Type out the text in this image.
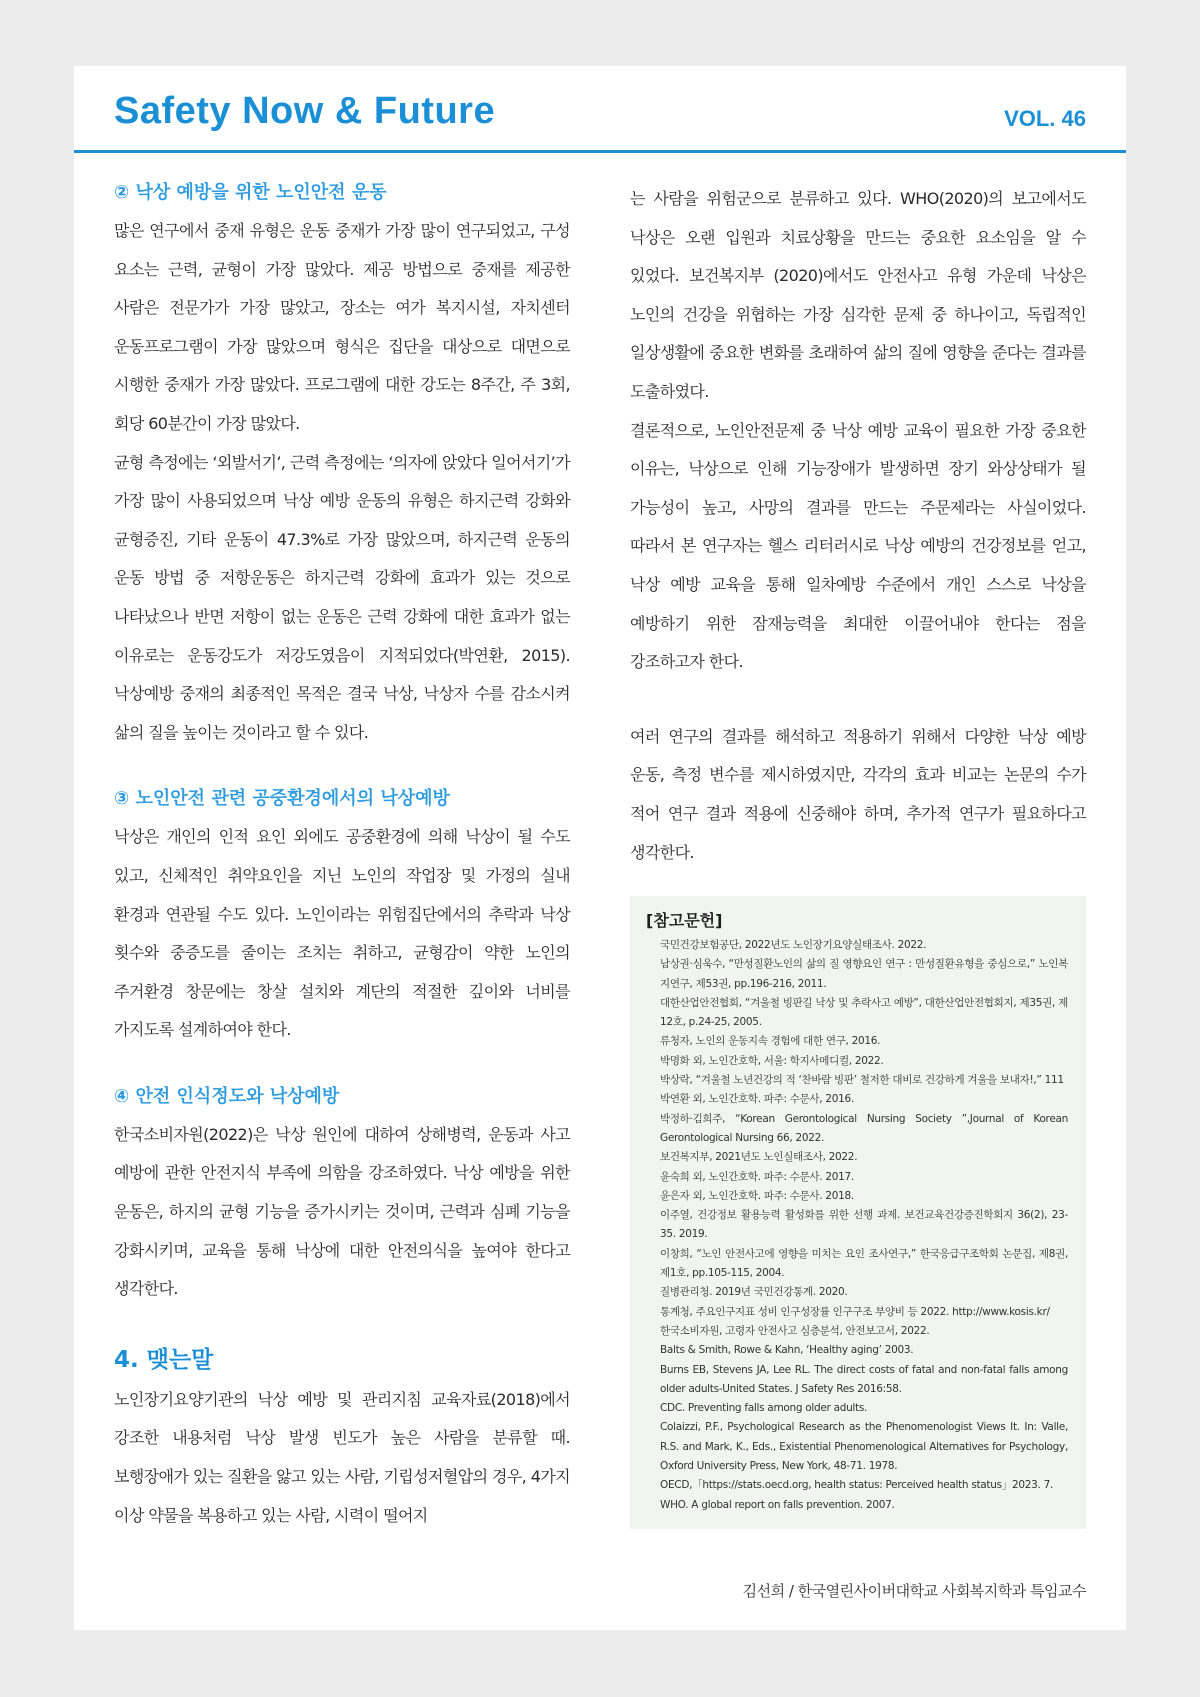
Safety Now & Future	VOL. 46
② 낙상 예방을 위한 노인안전 운동

많은 연구에서 중재 유형은 운동 중재가 가장 많이 연구되었고, 구성 요소는 근력, 균형이 가장 많았다. 제공 방법으로 중재를 제공한 사람은 전문가가 가장 많았고, 장소는 여가 복지시설, 자치센터 운동프로그램이 가장 많았으며 형식은 집단을 대상으로 대면으로 시행한 중재가 가장 많았다. 프로그램에 대한 강도는 8주간, 주 3회, 회당 60분간이 가장 많았다.

균형 측정에는 ‘외발서기’, 근력 측정에는 ‘의자에 앉았다 일어서기’가 가장 많이 사용되었으며 낙상 예방 운동의 유형은 하지근력 강화와 균형증진, 기타 운동이 47.3%로 가장 많았으며, 하지근력 운동의 운동 방법 중 저항운동은 하지근력 강화에 효과가 있는 것으로 나타났으나 반면 저항이 없는 운동은 근력 강화에 대한 효과가 없는 이유로는 운동강도가 저강도였음이 지적되었다(박연환, 2015). 낙상예방 중재의 최종적인 목적은 결국 낙상, 낙상자 수를 감소시켜 삶의 질을 높이는 것이라고 할 수 있다.

③ 노인안전 관련 공중환경에서의 낙상예방

낙상은 개인의 인적 요인 외에도 공중환경에 의해 낙상이 될 수도 있고, 신체적인 취약요인을 지닌 노인의 작업장 및 가정의 실내 환경과 연관될 수도 있다. 노인이라는 위험집단에서의 추락과 낙상 횟수와 중증도를 줄이는 조치는 취하고, 균형감이 약한 노인의 주거환경 창문에는 창살 설치와 계단의 적절한 깊이와 너비를 가지도록 설계하여야 한다.

④ 안전 인식정도와 낙상예방

한국소비자원(2022)은 낙상 원인에 대하여 상해병력, 운동과 사고 예방에 관한 안전지식 부족에 의함을 강조하였다. 낙상 예방을 위한 운동은, 하지의 균형 기능을 증가시키는 것이며, 근력과 심폐 기능을 강화시키며, 교육을 통해 낙상에 대한 안전의식을 높여야 한다고 생각한다.

4. 맺는말

노인장기요양기관의 낙상 예방 및 관리지침 교육자료(2018)에서 강조한 내용처럼 낙상 발생 빈도가 높은 사람을 분류할 때. 보행장애가 있는 질환을 앓고 있는 사람, 기립성저혈압의 경우, 4가지 이상 약물을 복용하고 있는 사람, 시력이 떨어지

는 사람을 위험군으로 분류하고 있다. WHO(2020)의 보고에서도 낙상은 오랜 입원과 치료상황을 만드는 중요한 요소임을 알 수 있었다. 보건복지부 (2020)에서도 안전사고 유형 가운데 낙상은 노인의 건강을 위협하는 가장 심각한 문제 중 하나이고, 독립적인 일상생활에 중요한 변화를 초래하여 삶의 질에 영향을 준다는 결과를 도출하였다.

결론적으로, 노인안전문제 중 낙상 예방 교육이 필요한 가장 중요한 이유는, 낙상으로 인해 기능장애가 발생하면 장기 와상상태가 될 가능성이 높고, 사망의 결과를 만드는 주문제라는 사실이었다. 따라서 본 연구자는 헬스 리터러시로 낙상 예방의 건강정보를 얻고, 낙상 예방 교육을 통해 일차예방 수준에서 개인 스스로 낙상을 예방하기 위한 잠재능력을 최대한 이끌어내야 한다는 점을 강조하고자 한다.

여러 연구의 결과를 해석하고 적용하기 위해서 다양한 낙상 예방 운동, 측정 변수를 제시하였지만, 각각의 효과 비교는 논문의 수가 적어 연구 결과 적용에 신중해야 하며, 추가적 연구가 필요하다고 생각한다.

[참고문헌]
국민건강보험공단, 2022년도 노인장기요양실태조사. 2022.
남상권·심욱수, “만성질환노인의 삶의 질 영향요인 연구 : 만성질환유형을 중심으로,” 노인복지연구, 제53권, pp.196-216, 2011.
대한산업안전협회, “겨울철 빙판길 낙상 및 추락사고 예방”, 대한산업안전협회지, 제35권, 제12호, p.24-25, 2005.
류청자, 노인의 운동지속 경험에 대한 연구, 2016.
박명화 외, 노인간호학, 서울: 학지사메디컬, 2022.
박상락, “겨울철 노년건강의 적 ‘찬바람 빙판’ 철저한 대비로 건강하게 겨울을 보내자!,” 111
박연환 외, 노인간호학. 파주: 수문사, 2016.
박정하·김희주, “Korean Gerontological Nursing Society ”,Journal of Korean Gerontological Nursing 66, 2022.
보건복지부, 2021년도 노인실태조사, 2022.
윤숙희 외, 노인간호학. 파주: 수문사. 2017.
윤은자 외, 노인간호학. 파주: 수문사. 2018.
이주열, 건강정보 활용능력 활성화를 위한 선행 과제. 보건교육건강증진학회지 36(2), 23-35. 2019.
이창희, “노인 안전사고에 영향을 미치는 요인 조사연구,” 한국응급구조학회 논문집, 제8권, 제1호, pp.105-115, 2004.
질병관리청. 2019년 국민건강통계. 2020.
통계청, 주요인구지표 성비 인구성장률 인구구조 부양비 등 2022. http://www.kosis.kr/
한국소비자원, 고령자 안전사고 심층분석, 안전보고서, 2022.
Balts & Smith, Rowe & Kahn, ‘Healthy aging’ 2003.
Burns EB, Stevens JA, Lee RL. The direct costs of fatal and non-fatal falls among older adults-United States. J Safety Res 2016:58.
CDC. Preventing falls among older adults.
Colaizzi, P.F., Psychological Research as the Phenomenologist Views It. In: Valle, R.S. and Mark, K., Eds., Existential Phenomenological Alternatives for Psychology, Oxford University Press, New York, 48-71. 1978.
OECD,「https://stats.oecd.org, health status: Perceived health status」2023. 7.
WHO. A global report on falls prevention. 2007.
김선희 / 한국열린사이버대학교 사회복지학과 특임교수
